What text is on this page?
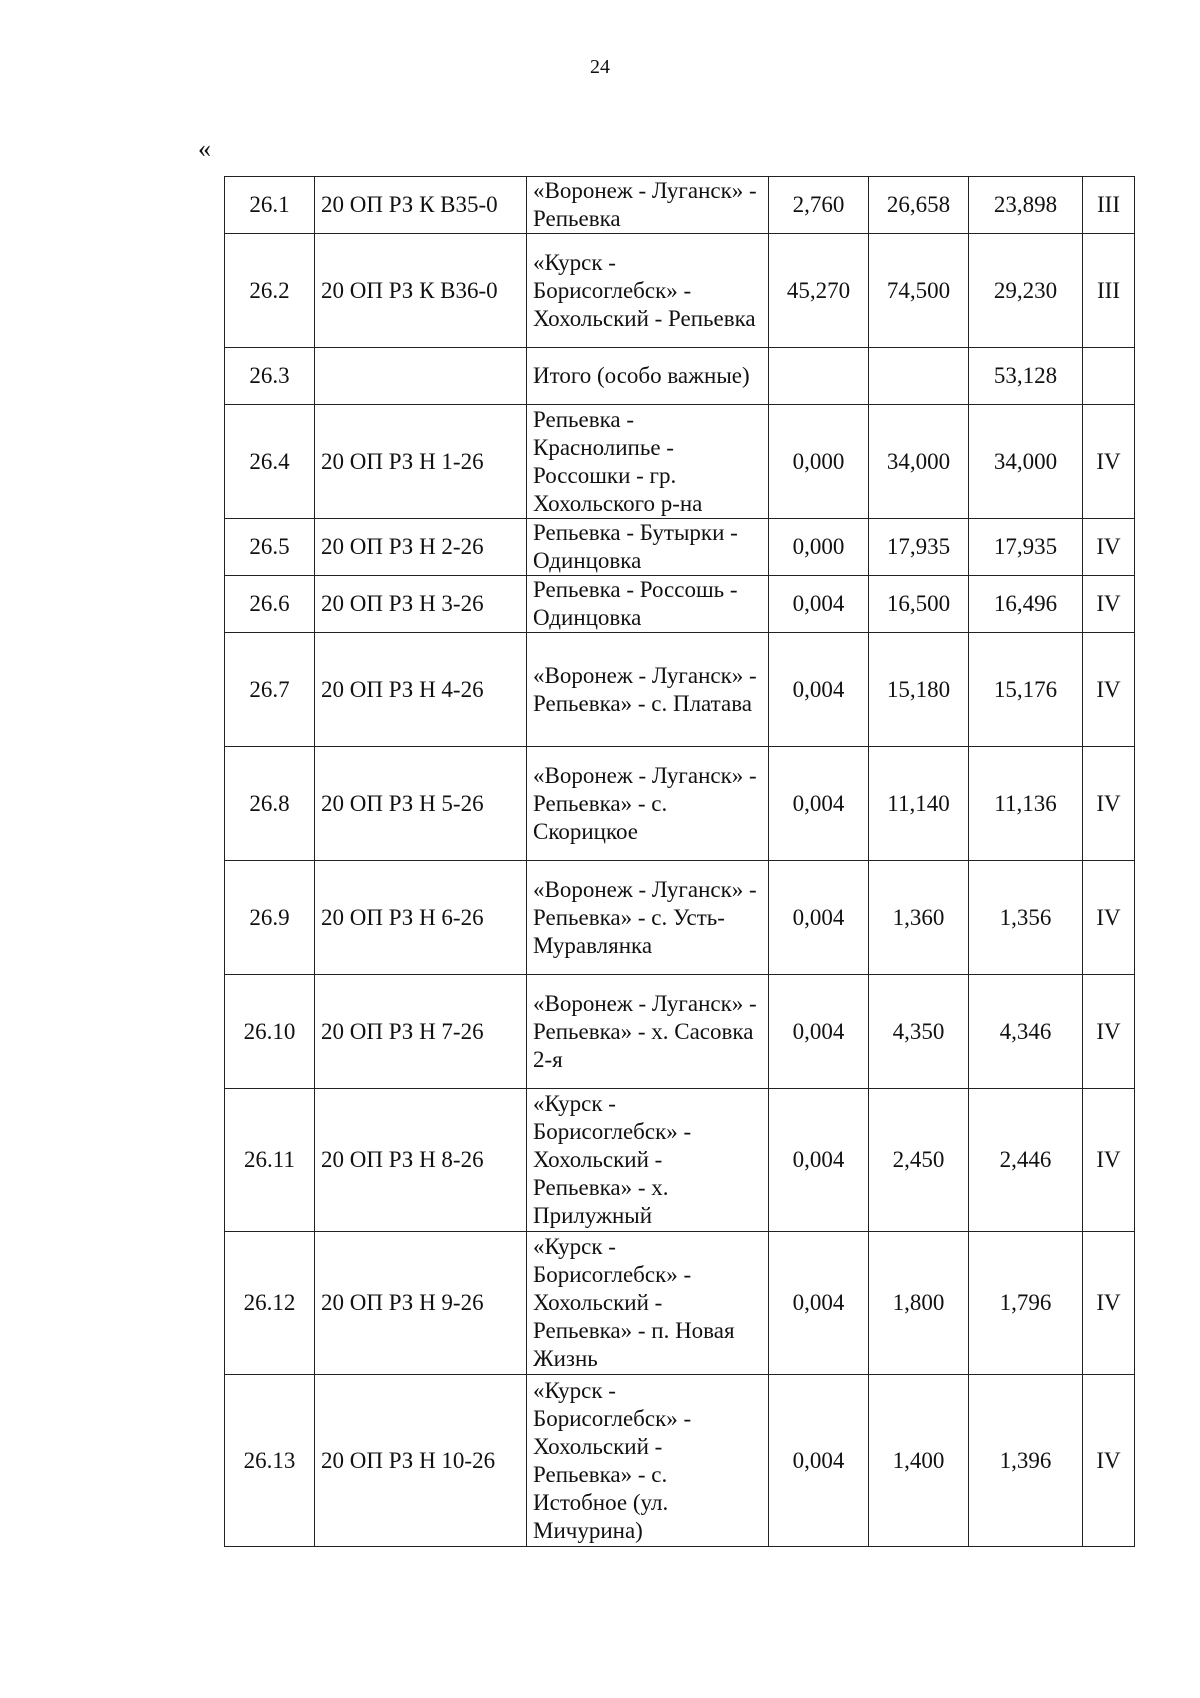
24
«
26.1	20 ОП РЗ К В35-0	«Воронеж - Луганск» - Репьевка	2,760	26,658	23,898	III
26.2	20 ОП РЗ К В36-0	«Курск - Борисоглебск» - Хохольский - Репьевка	45,270	74,500	29,230	III
26.3		Итого (особо важные)			53,128	
26.4	20 ОП РЗ Н 1-26	Репьевка - Краснолипье - Россошки - гр. Хохольского р-на	0,000	34,000	34,000	IV
26.5	20 ОП РЗ Н 2-26	Репьевка - Бутырки - Одинцовка	0,000	17,935	17,935	IV
26.6	20 ОП РЗ Н 3-26	Репьевка - Россошь - Одинцовка	0,004	16,500	16,496	IV
26.7	20 ОП РЗ Н 4-26	«Воронеж - Луганск» - Репьевка» - с. Платава	0,004	15,180	15,176	IV
26.8	20 ОП РЗ Н 5-26	«Воронеж - Луганск» - Репьевка» - с. Скорицкое	0,004	11,140	11,136	IV
26.9	20 ОП РЗ Н 6-26	«Воронеж - Луганск» - Репьевка» - с. Усть-Муравлянка	0,004	1,360	1,356	IV
26.10	20 ОП РЗ Н 7-26	«Воронеж - Луганск» - Репьевка» - х. Сасовка 2-я	0,004	4,350	4,346	IV
26.11	20 ОП РЗ Н 8-26	«Курск - Борисоглебск» - Хохольский - Репьевка» - х. Прилужный	0,004	2,450	2,446	IV
26.12	20 ОП РЗ Н 9-26	«Курск - Борисоглебск» - Хохольский - Репьевка» - п. Новая Жизнь	0,004	1,800	1,796	IV
26.13	20 ОП РЗ Н 10-26	«Курск - Борисоглебск» - Хохольский - Репьевка» - с. Истобное (ул. Мичурина)	0,004	1,400	1,396	IV
